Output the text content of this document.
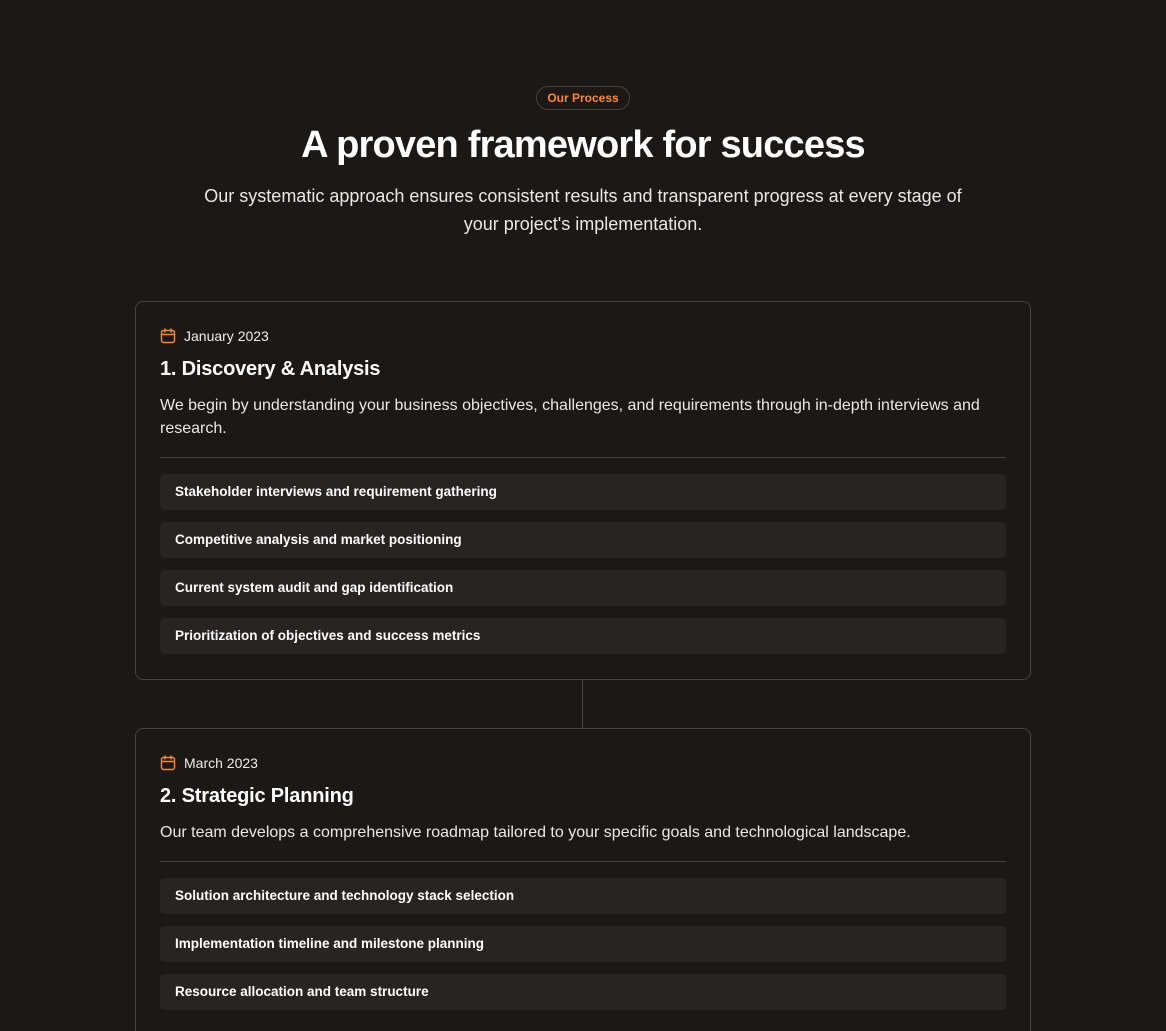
Our Process
A proven framework for success

Our systematic approach ensures consistent results and transparent progress at every stage of your project's implementation.

January 2023
1. Discovery & Analysis

We begin by understanding your business objectives, challenges, and requirements through in-depth interviews and research.

Stakeholder interviews and requirement gathering
Competitive analysis and market positioning
Current system audit and gap identification
Prioritization of objectives and success metrics
March 2023
2. Strategic Planning

Our team develops a comprehensive roadmap tailored to your specific goals and technological landscape.

Solution architecture and technology stack selection
Implementation timeline and milestone planning
Resource allocation and team structure
